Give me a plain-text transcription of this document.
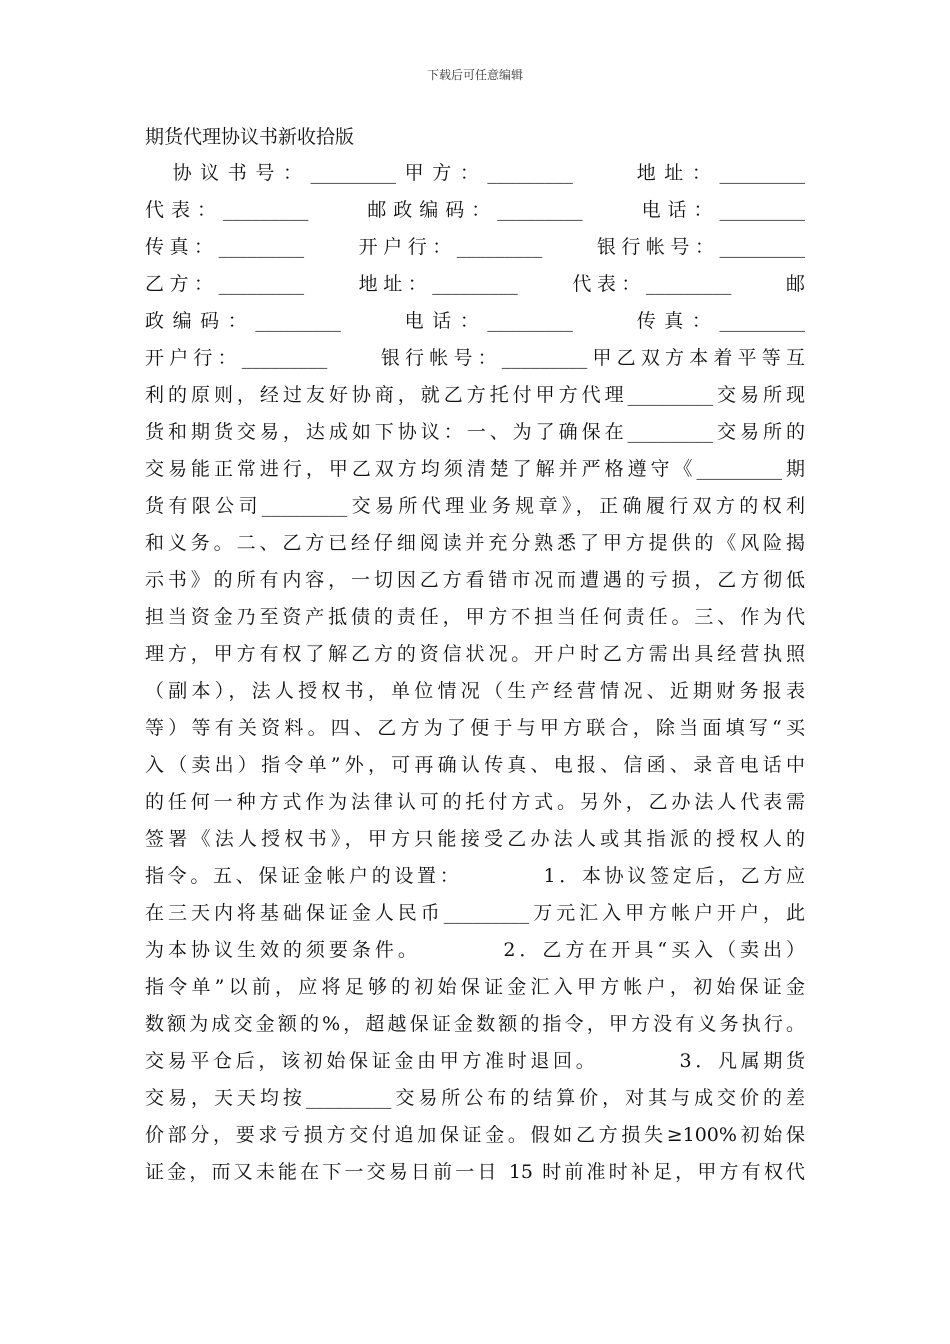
下载后可任意编辑
期货代理协议书新收拾版
　协议书号：_________甲方：_________　　地址：_________
代表：_________　　邮政编码：_________　　电话：_________
传真：_________　　开户行：_________　　银行帐号：_________
乙方：_________　　地址：_________　　代表：_________　　邮
政编码：_________　　电话：_________　　传真：_________
开户行：_________　　银行帐号：_________甲乙双方本着平等互
利的原则，经过友好协商，就乙方托付甲方代理_________交易所现
货和期货交易，达成如下协议：一、为了确保在_________交易所的
交易能正常进行，甲乙双方均须清楚了解并严格遵守《_________期
货有限公司_________交易所代理业务规章》，正确履行双方的权利
和义务。二、乙方已经仔细阅读并充分熟悉了甲方提供的《风险揭
示书》的所有内容，一切因乙方看错市况而遭遇的亏损，乙方彻低
担当资金乃至资产抵债的责任，甲方不担当任何责任。三、作为代
理方，甲方有权了解乙方的资信状况。开户时乙方需出具经营执照
（副本），法人授权书，单位情况（生产经营情况、近期财务报表
等）等有关资料。四、乙方为了便于与甲方联合，除当面填写“买
入（卖出）指令单”外，可再确认传真、电报、信函、录音电话中
的任何一种方式作为法律认可的托付方式。另外，乙办法人代表需
签署《法人授权书》，甲方只能接受乙办法人或其指派的授权人的
指令。五、保证金帐户的设置：　　　　1．本协议签定后，乙方应
在三天内将基础保证金人民币_________万元汇入甲方帐户开户，此
为本协议生效的须要条件。　　　　2．乙方在开具“买入（卖出）
指令单”以前，应将足够的初始保证金汇入甲方帐户，初始保证金
数额为成交金额的%，超越保证金数额的指令，甲方没有义务执行。
交易平仓后，该初始保证金由甲方准时退回。　　　　3．凡属期货
交易，天天均按_________交易所公布的结算价，对其与成交价的差
价部分，要求亏损方交付追加保证金。假如乙方损失≥100%初始保
证金，而又未能在下一交易日前一日 15 时前准时补足，甲方有权代
